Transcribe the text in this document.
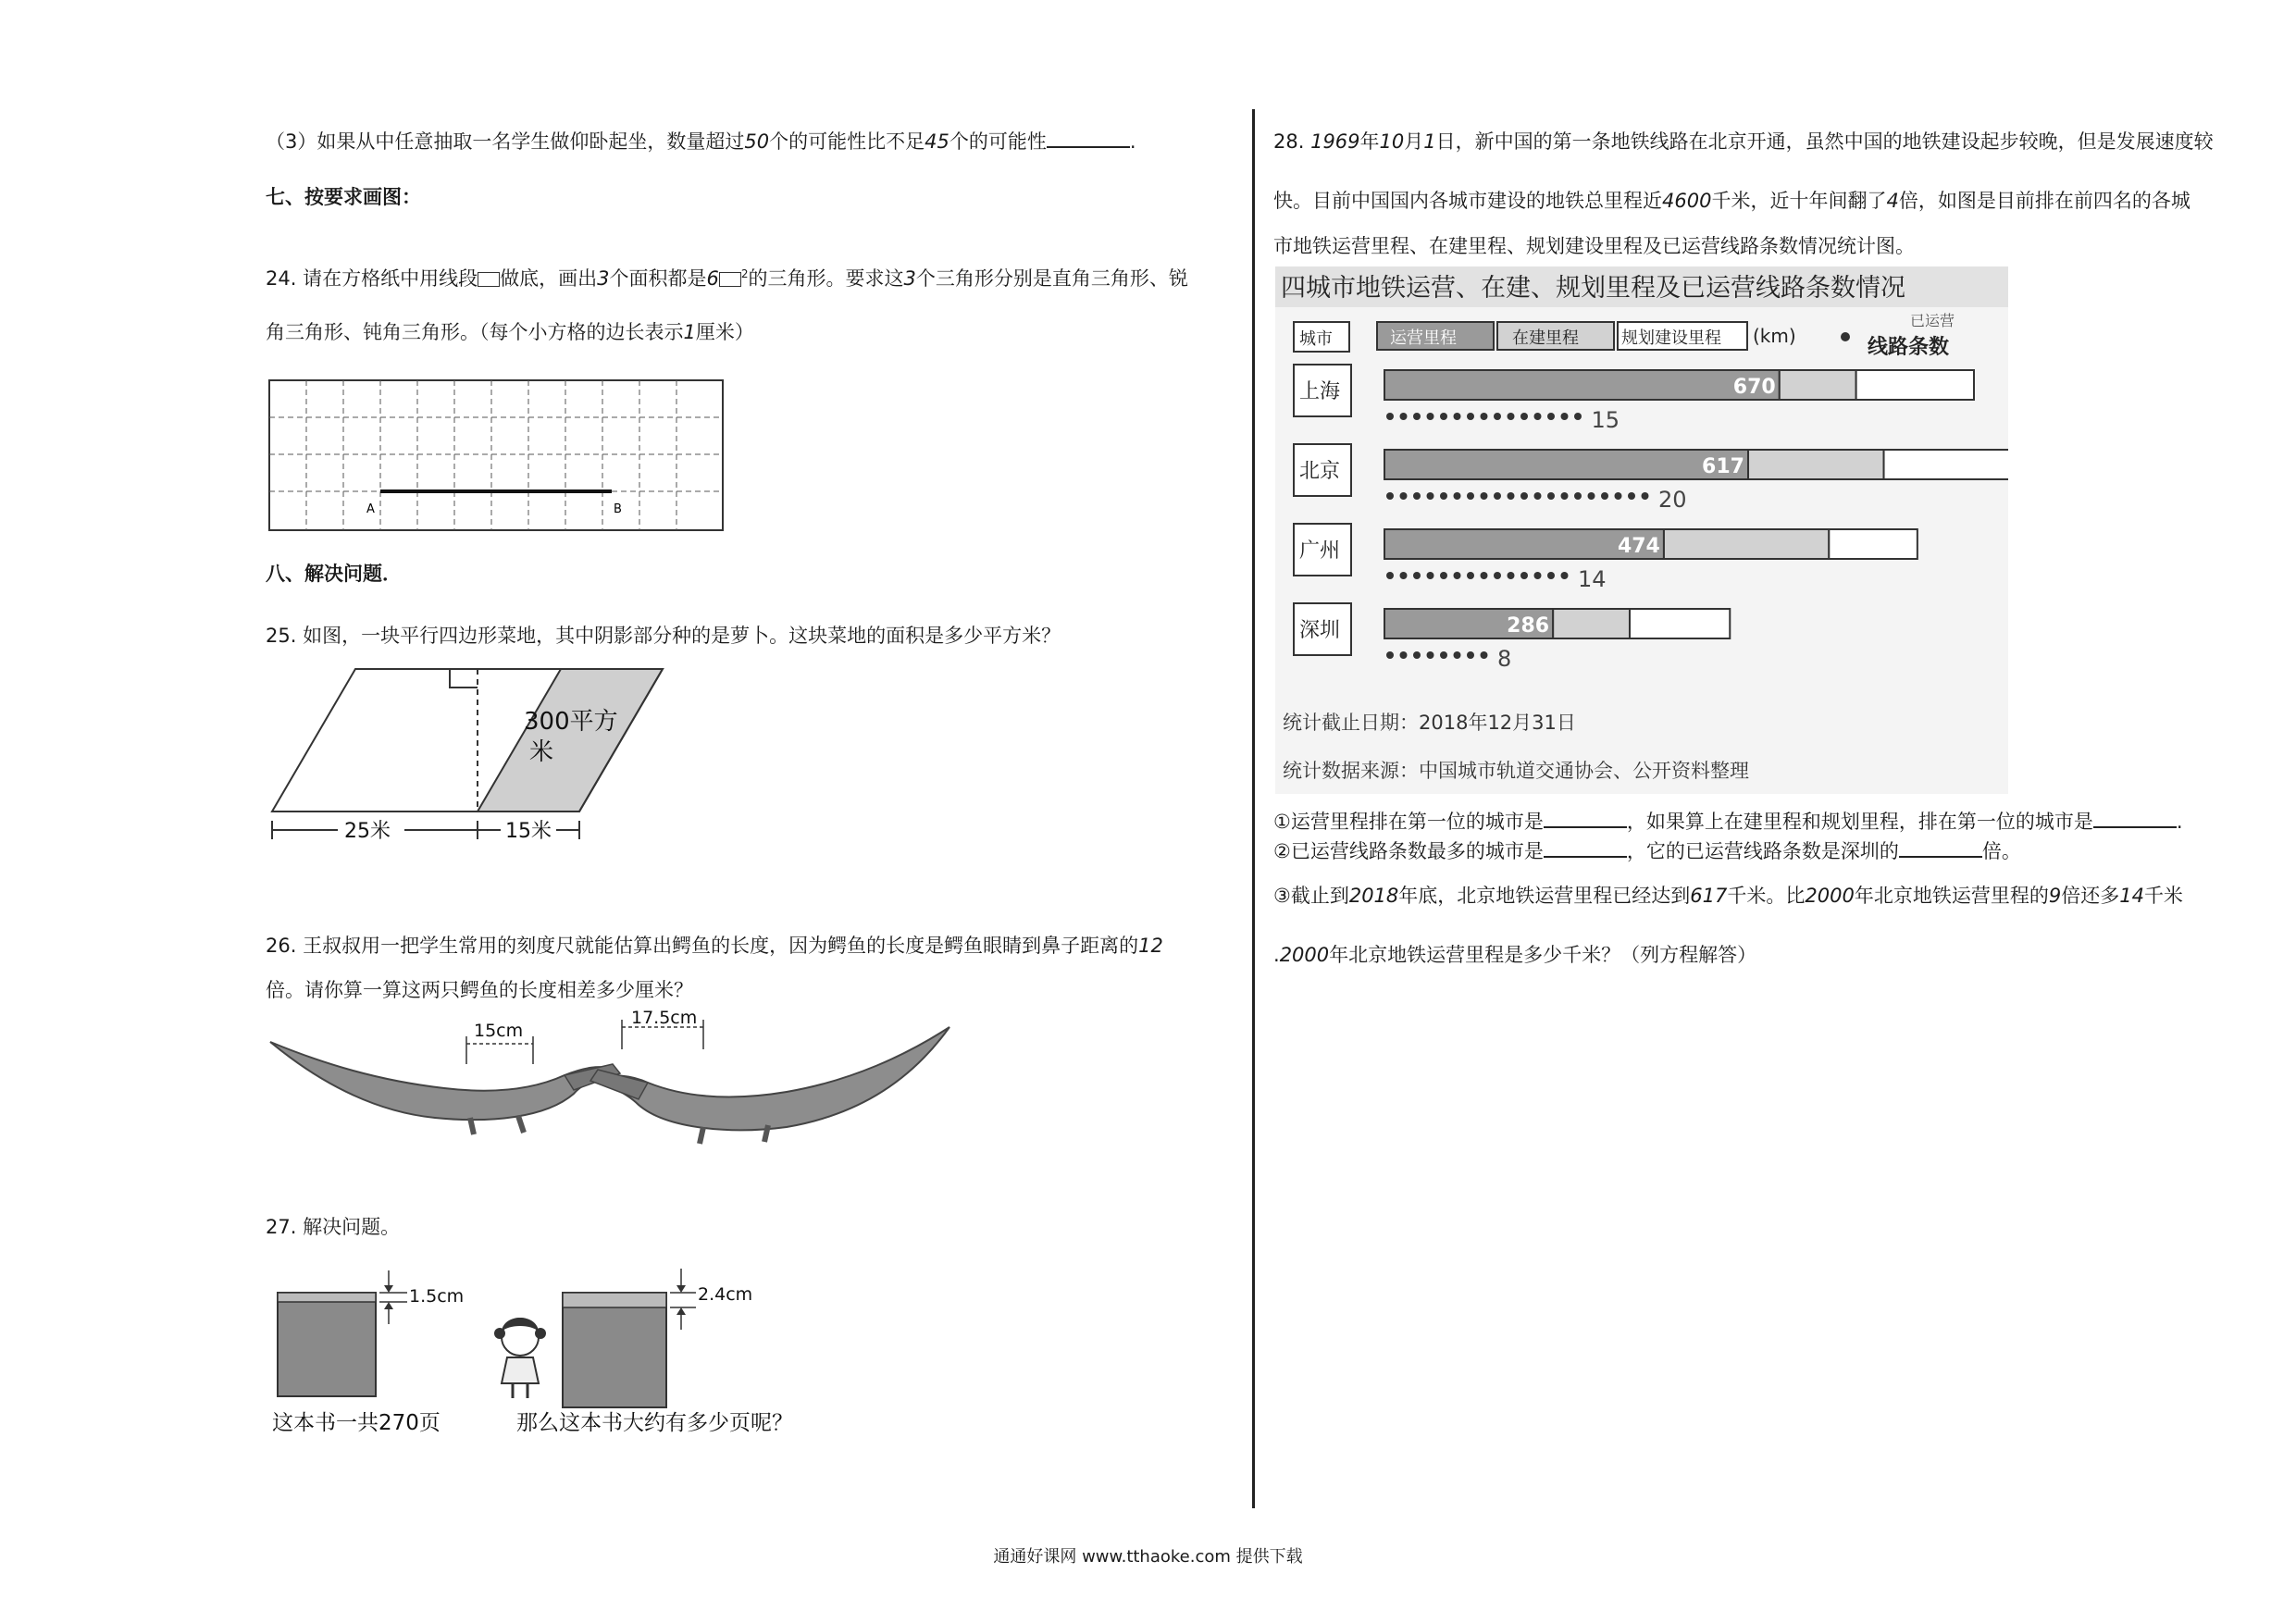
（3）如果从中任意抽取一名学生做仰卧起坐，数量超过50个的可能性比不足45个的可能性	.
七、按要求画图：
24. 请在方格纸中用线段 做底，画出3个面积都是6 $^2$的三角形。要求这3个三角形分别是直角三角形、锐
角三角形、钝角三角形。（每个小方格的边长表示1厘米）
A	B
八、解决问题．
25. 如图，一块平行四边形菜地，其中阴影部分种的是萝卜。这块菜地的面积是多少平方米？
300平方
米
25米	15米
26. 王叔叔用一把学生常用的刻度尺就能估算出鳄鱼的长度，因为鳄鱼的长度是鳄鱼眼睛到鼻子距离的12
倍。请你算一算这两只鳄鱼的长度相差多少厘米？
15cm
17.5cm
27. 解决问题。
1.5cm
这本书一共270页
2.4cm
那么这本书大约有多少页呢？
28. 1969年10月1日，新中国的第一条地铁线路在北京开通，虽然中国的地铁建设起步较晚，但是发展速度较
快。目前中国国内各城市建设的地铁总里程近4600千米，近十年间翻了4倍，如图是目前排在前四名的各城
市地铁运营里程、在建里程、规划建设里程及已运营线路条数情况统计图。
四城市地铁运营、在建、规划里程及已运营线路条数情况
城市	运营里程	在建里程	规划建设里程 (km)
已运营
线路条数
上海	670
15
北京	617
20
广州	474
14
深圳	286
8
统计截止日期：2018年12月31日
统计数据来源：中国城市轨道交通协会、公开资料整理
①运营里程排在第一位的城市是	，如果算上在建里程和规划里程，排在第一位的城市是	.
②已运营线路条数最多的城市是	，它的已运营线路条数是深圳的	倍。
③截止到2018年底，北京地铁运营里程已经达到617千米。比2000年北京地铁运营里程的9倍还多14千米
.2000年北京地铁运营里程是多少千米？（列方程解答）
通通好课网 www.tthaoke.com 提供下载
